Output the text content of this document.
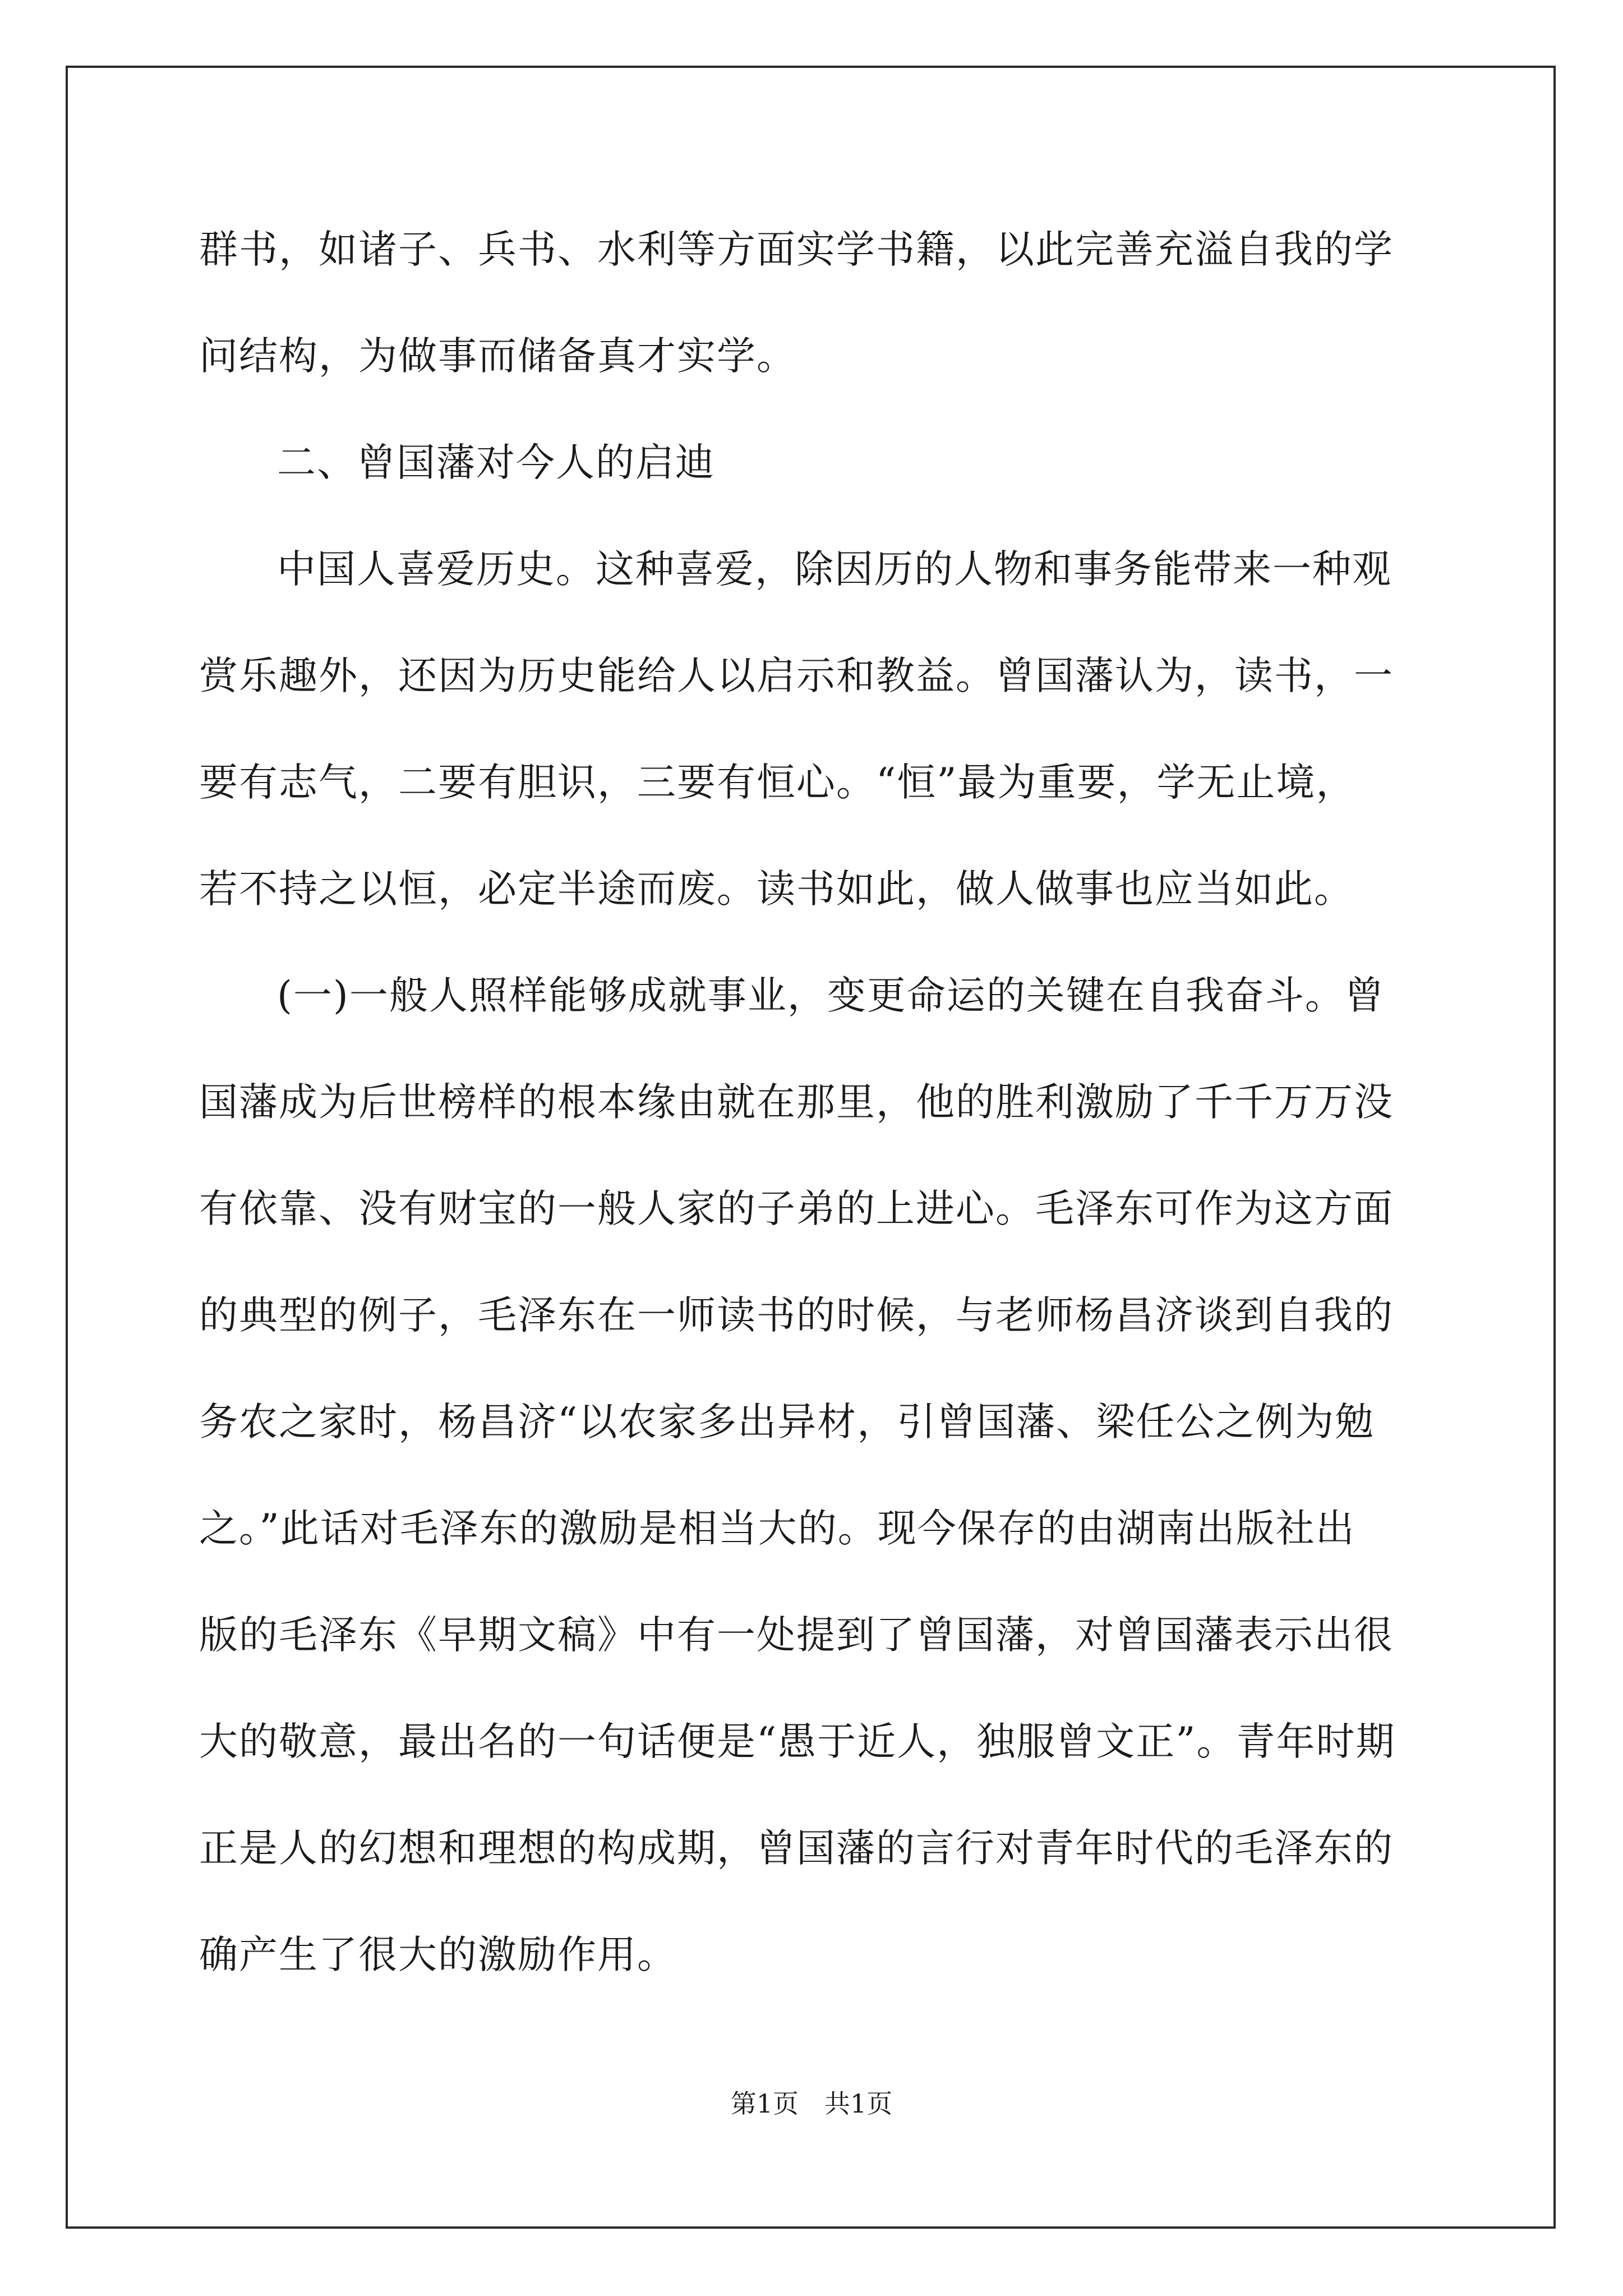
群书，如诸子、兵书、水利等方面实学书籍，以此完善充溢自我的学
问结构，为做事而储备真才实学。
二、曾国藩对今人的启迪
中国人喜爱历史。这种喜爱，除因历的人物和事务能带来一种观
赏乐趣外，还因为历史能给人以启示和教益。曾国藩认为，读书，一
要有志气，二要有胆识，三要有恒心。“恒”最为重要，学无止境，
若不持之以恒，必定半途而废。读书如此，做人做事也应当如此。
(一)一般人照样能够成就事业，变更命运的关键在自我奋斗。曾
国藩成为后世榜样的根本缘由就在那里，他的胜利激励了千千万万没
有依靠、没有财宝的一般人家的子弟的上进心。毛泽东可作为这方面
的典型的例子，毛泽东在一师读书的时候，与老师杨昌济谈到自我的
务农之家时，杨昌济“以农家多出异材，引曾国藩、梁任公之例为勉
之。”此话对毛泽东的激励是相当大的。现今保存的由湖南出版社出
版的毛泽东《早期文稿》中有一处提到了曾国藩，对曾国藩表示出很
大的敬意，最出名的一句话便是“愚于近人，独服曾文正”。青年时期
正是人的幻想和理想的构成期，曾国藩的言行对青年时代的毛泽东的
确产生了很大的激励作用。
第1页　共1页
